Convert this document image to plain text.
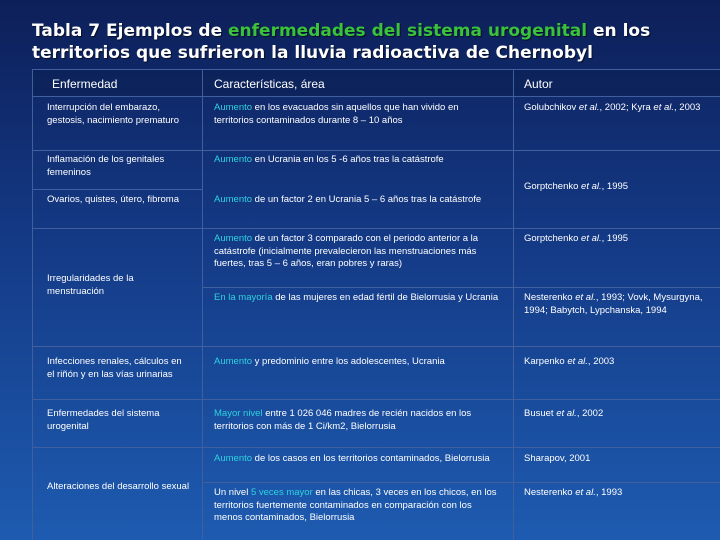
Tabla 7 Ejemplos de enfermedades del sistema urogenital en los territorios que sufrieron la lluvia radioactiva de Chernobyl
Enfermedad	Características, área	Autor
Interrupción del embarazo, gestosis, nacimiento prematuro
Inflamación de los genitales femeninos
Ovarios, quistes, útero, fibroma
Irregularidades de la menstruación
Infecciones renales, cálculos en el riñón y en las vías urinarias
Enfermedades del sistema urogenital
Alteraciones del desarrollo sexual
Aumento en los evacuados sin aquellos que han vivido en territorios contaminados durante 8 – 10 años
Aumento en Ucrania en los 5 -6 años tras la catástrofe
Aumento de un factor 2 en Ucrania 5 – 6 años tras la catástrofe
Aumento de un factor 3 comparado con el periodo anterior a la catástrofe (inicialmente prevalecieron las menstruaciones más fuertes, tras 5 – 6 años, eran pobres y raras)
En la mayoría de las mujeres en edad fértil de Bielorrusia y Ucrania
Aumento y predominio entre los adolescentes, Ucrania
Mayor nivel entre 1 026 046 madres de recién nacidos en los territorios con más de 1 Ci/km2, Bielorrusia
Aumento de los casos en los territorios contaminados, Bielorrusia
Un nivel 5 veces mayor en las chicas, 3 veces en los chicos, en los territorios fuertemente contaminados en comparación con los menos contaminados, Bielorrusia
Golubchikov et al., 2002; Kyra et al., 2003
Gorptchenko et al., 1995
Gorptchenko et al., 1995
Nesterenko et al., 1993; Vovk, Mysurgyna, 1994; Babytch, Lypchanska, 1994
Karpenko et al., 2003
Busuet et al., 2002
Sharapov, 2001
Nesterenko et al., 1993
